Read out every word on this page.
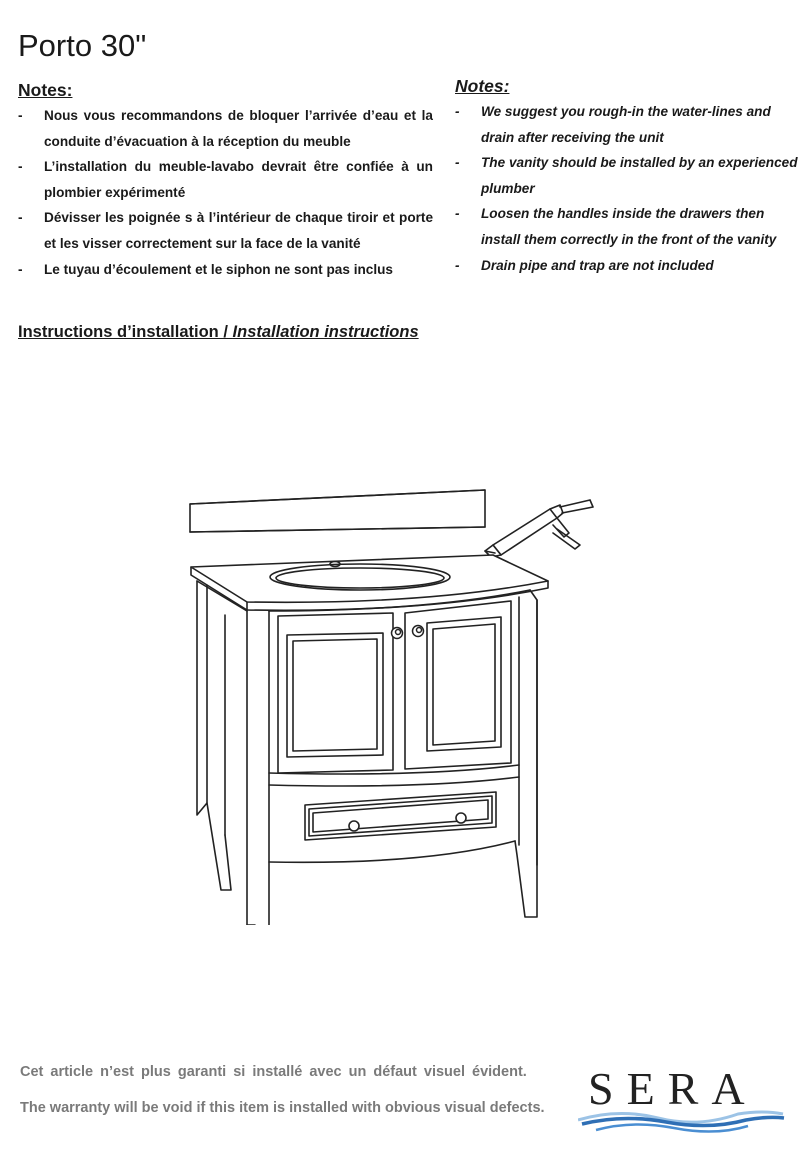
Porto 30"
Notes:
- Nous vous recommandons de bloquer l’arrivée d’eau et la conduite d’évacuation à la réception du meuble
- L’installation du meuble-lavabo devrait être confiée à un plombier expérimenté
- Dévisser les poignée s à l’intérieur de chaque tiroir et porte et les visser correctement sur la face de la vanité
- Le tuyau d’écoulement et le siphon ne sont pas inclus
Notes:
- We suggest you rough-in the water-lines and drain after receiving the unit
- The vanity should be installed by an experienced plumber
- Loosen the handles inside the drawers then install them correctly in the front of the vanity
- Drain pipe and trap are not included
Instructions d’installation / Installation instructions

Cet article n’est plus garanti si installé avec un défaut visuel évident.

The warranty will be void if this item is installed with obvious visual defects. SERA
